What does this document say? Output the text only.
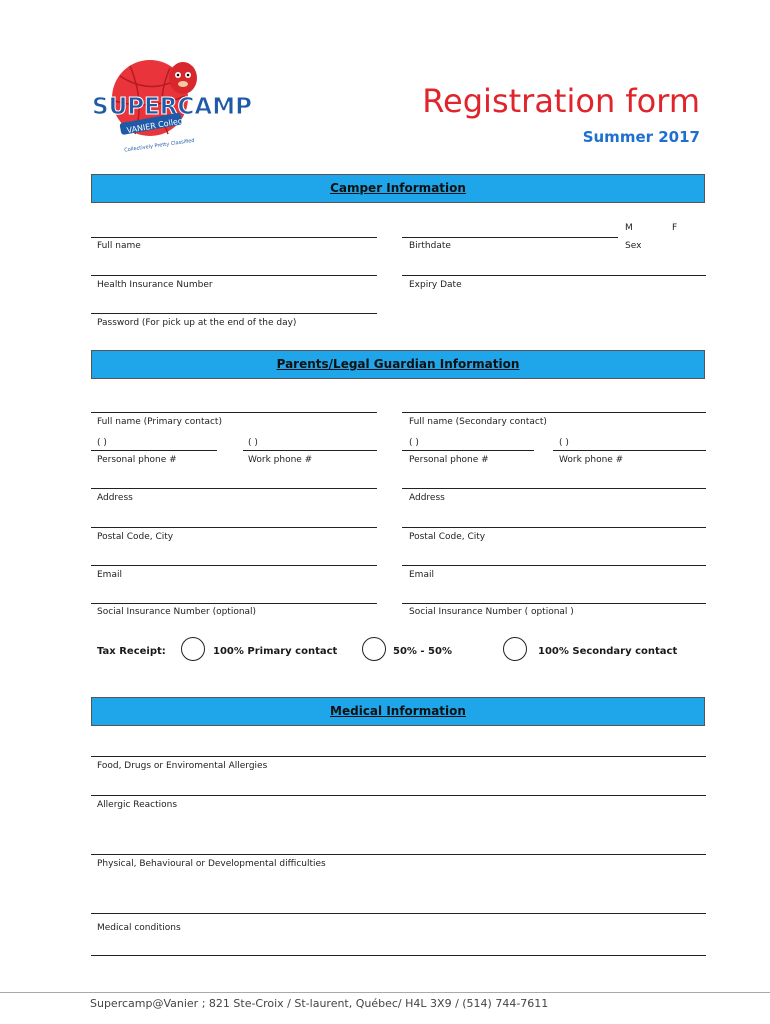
SUPERCAMP
VANIER College
Collectively Pretty Classified
Registration form
Summer 2017
Camper Information
M	F
Full name	Birthdate	Sex
Health Insurance Number	Expiry Date
Password (For pick up at the end of the day)
Parents/Legal Guardian Information
Full name (Primary contact)	Full name (Secondary contact)
( )	( )	( )	( )
Personal phone #	Work phone #	Personal phone #	Work phone #
Address	Address
Postal Code, City	Postal Code, City
Email	Email
Social Insurance Number (optional)	Social Insurance Number ( optional )
Tax Receipt:	100% Primary contact	50% - 50%	100% Secondary contact
Medical Information
Food, Drugs or Enviromental Allergies
Allergic Reactions
Physical, Behavioural or Developmental difficulties
Medical conditions
Supercamp@Vanier ; 821 Ste-Croix / St-laurent, Québec/ H4L 3X9 / (514) 744-7611
